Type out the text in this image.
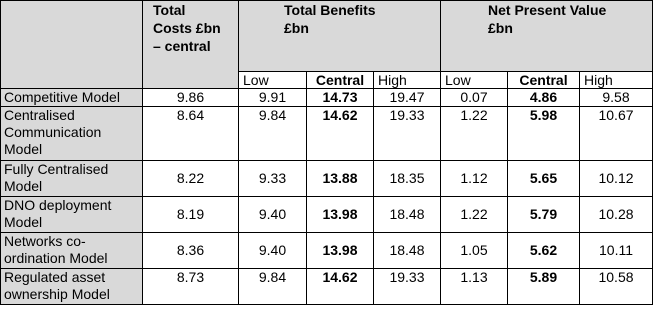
	Total Costs £bn – central	Total Benefits £bn			Net Present Value £bn		

		Low	Central	High	Low	Central	High
Competitive Model	9.86	9.91	14.73	19.47	0.07	4.86	9.58
Centralised Communication Model	8.64	9.84	14.62	19.33	1.22	5.98	10.67
Fully Centralised Model	8.22	9.33	13.88	18.35	1.12	5.65	10.12
DNO deployment Model	8.19	9.40	13.98	18.48	1.22	5.79	10.28
Networks co-ordination Model	8.36	9.40	13.98	18.48	1.05	5.62	10.11
Regulated asset ownership Model	8.73	9.84	14.62	19.33	1.13	5.89	10.58
